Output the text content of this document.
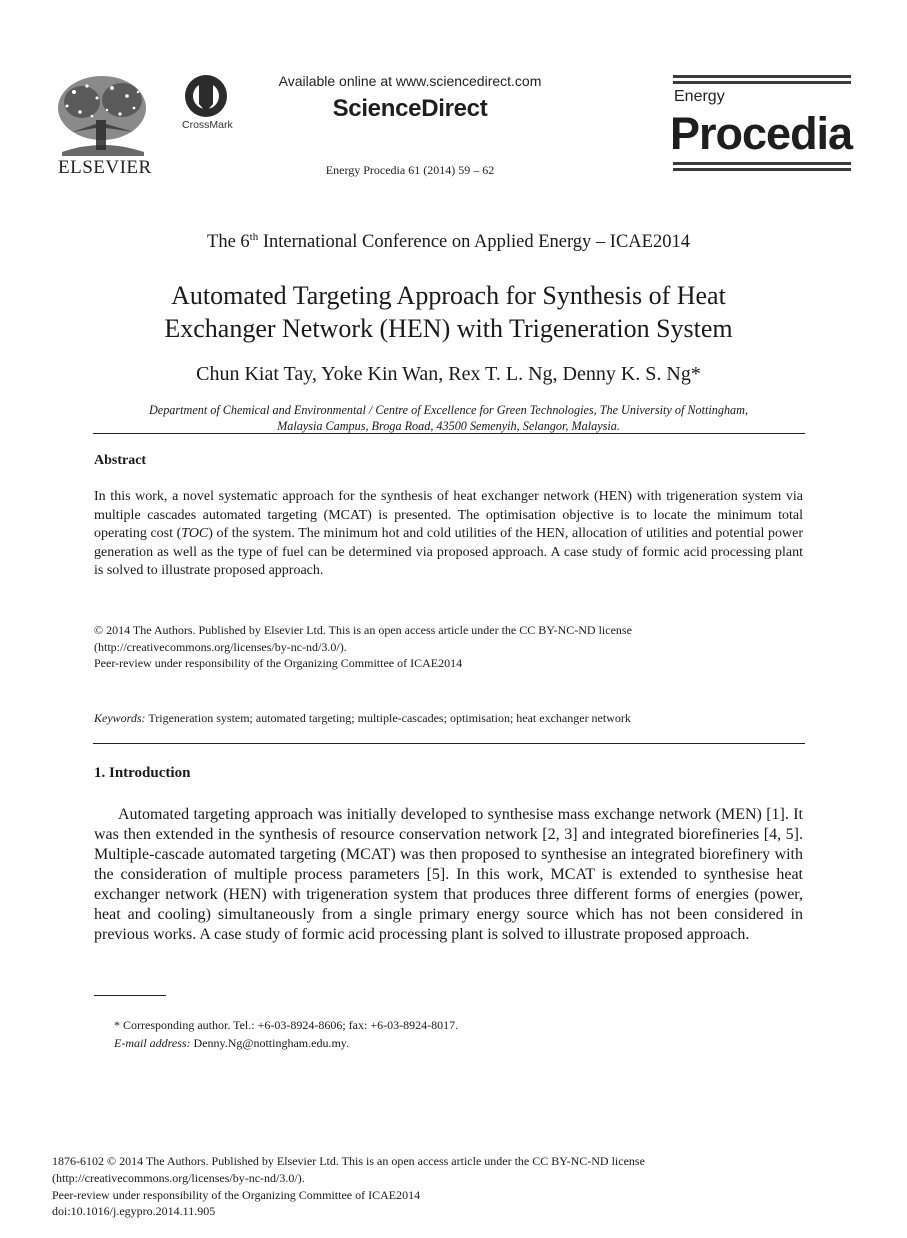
ELSEVIER
CrossMark
Available online at www.sciencedirect.com
ScienceDirect
Energy Procedia 61 (2014) 59 – 62
Energy
Procedia
The 6th International Conference on Applied Energy – ICAE2014
Automated Targeting Approach for Synthesis of Heat
Exchanger Network (HEN) with Trigeneration System
Chun Kiat Tay, Yoke Kin Wan, Rex T. L. Ng, Denny K. S. Ng*
Department of Chemical and Environmental / Centre of Excellence for Green Technologies, The University of Nottingham,
Malaysia Campus, Broga Road, 43500 Semenyih, Selangor, Malaysia.
Abstract
In this work, a novel systematic approach for the synthesis of heat exchanger network (HEN) with trigeneration system via multiple cascades automated targeting (MCAT) is presented. The optimisation objective is to locate the minimum total operating cost (TOC) of the system. The minimum hot and cold utilities of the HEN, allocation of utilities and potential power generation as well as the type of fuel can be determined via proposed approach. A case study of formic acid processing plant is solved to illustrate proposed approach.
© 2014 The Authors. Published by Elsevier Ltd. This is an open access article under the CC BY-NC-ND license
(http://creativecommons.org/licenses/by-nc-nd/3.0/).
Peer-review under responsibility of the Organizing Committee of ICAE2014
Keywords: Trigeneration system; automated targeting; multiple-cascades; optimisation; heat exchanger network
1. Introduction
Automated targeting approach was initially developed to synthesise mass exchange network (MEN) [1]. It was then extended in the synthesis of resource conservation network [2, 3] and integrated biorefineries [4, 5]. Multiple-cascade automated targeting (MCAT) was then proposed to synthesise an integrated biorefinery with the consideration of multiple process parameters [5]. In this work, MCAT is extended to synthesise heat exchanger network (HEN) with trigeneration system that produces three different forms of energies (power, heat and cooling) simultaneously from a single primary energy source which has not been considered in previous works. A case study of formic acid processing plant is solved to illustrate proposed approach.
* Corresponding author. Tel.: +6-03-8924-8606; fax: +6-03-8924-8017.
E-mail address: Denny.Ng@nottingham.edu.my.
1876-6102 © 2014 The Authors. Published by Elsevier Ltd. This is an open access article under the CC BY-NC-ND license
(http://creativecommons.org/licenses/by-nc-nd/3.0/).
Peer-review under responsibility of the Organizing Committee of ICAE2014
doi:10.1016/j.egypro.2014.11.905
